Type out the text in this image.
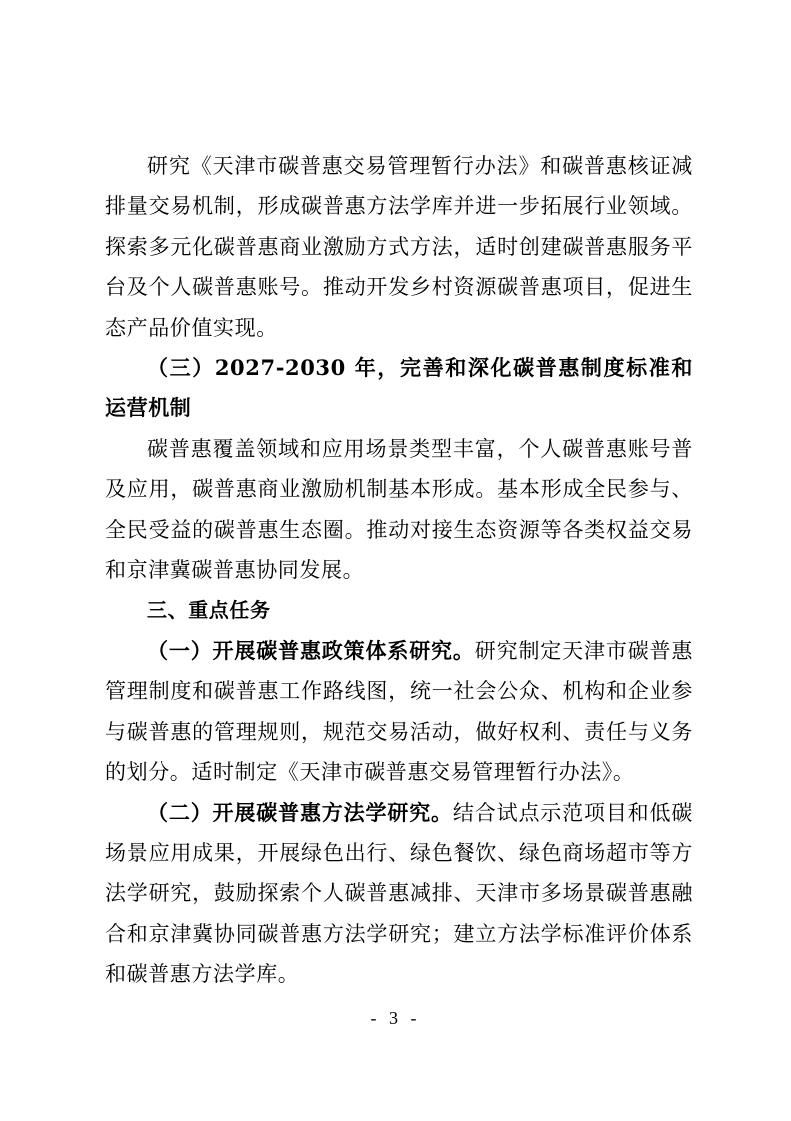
研究《天津市碳普惠交易管理暂行办法》和碳普惠核证减排量交易机制，形成碳普惠方法学库并进一步拓展行业领域。探索多元化碳普惠商业激励方式方法，适时创建碳普惠服务平台及个人碳普惠账号。推动开发乡村资源碳普惠项目，促进生态产品价值实现。

（三）2027-2030 年，完善和深化碳普惠制度标准和运营机制

碳普惠覆盖领域和应用场景类型丰富，个人碳普惠账号普及应用，碳普惠商业激励机制基本形成。基本形成全民参与、全民受益的碳普惠生态圈。推动对接生态资源等各类权益交易和京津冀碳普惠协同发展。

三、重点任务

（一）开展碳普惠政策体系研究。研究制定天津市碳普惠管理制度和碳普惠工作路线图，统一社会公众、机构和企业参与碳普惠的管理规则，规范交易活动，做好权利、责任与义务的划分。适时制定《天津市碳普惠交易管理暂行办法》。

（二）开展碳普惠方法学研究。结合试点示范项目和低碳场景应用成果，开展绿色出行、绿色餐饮、绿色商场超市等方法学研究，鼓励探索个人碳普惠减排、天津市多场景碳普惠融合和京津冀协同碳普惠方法学研究；建立方法学标准评价体系和碳普惠方法学库。

- 3 -
